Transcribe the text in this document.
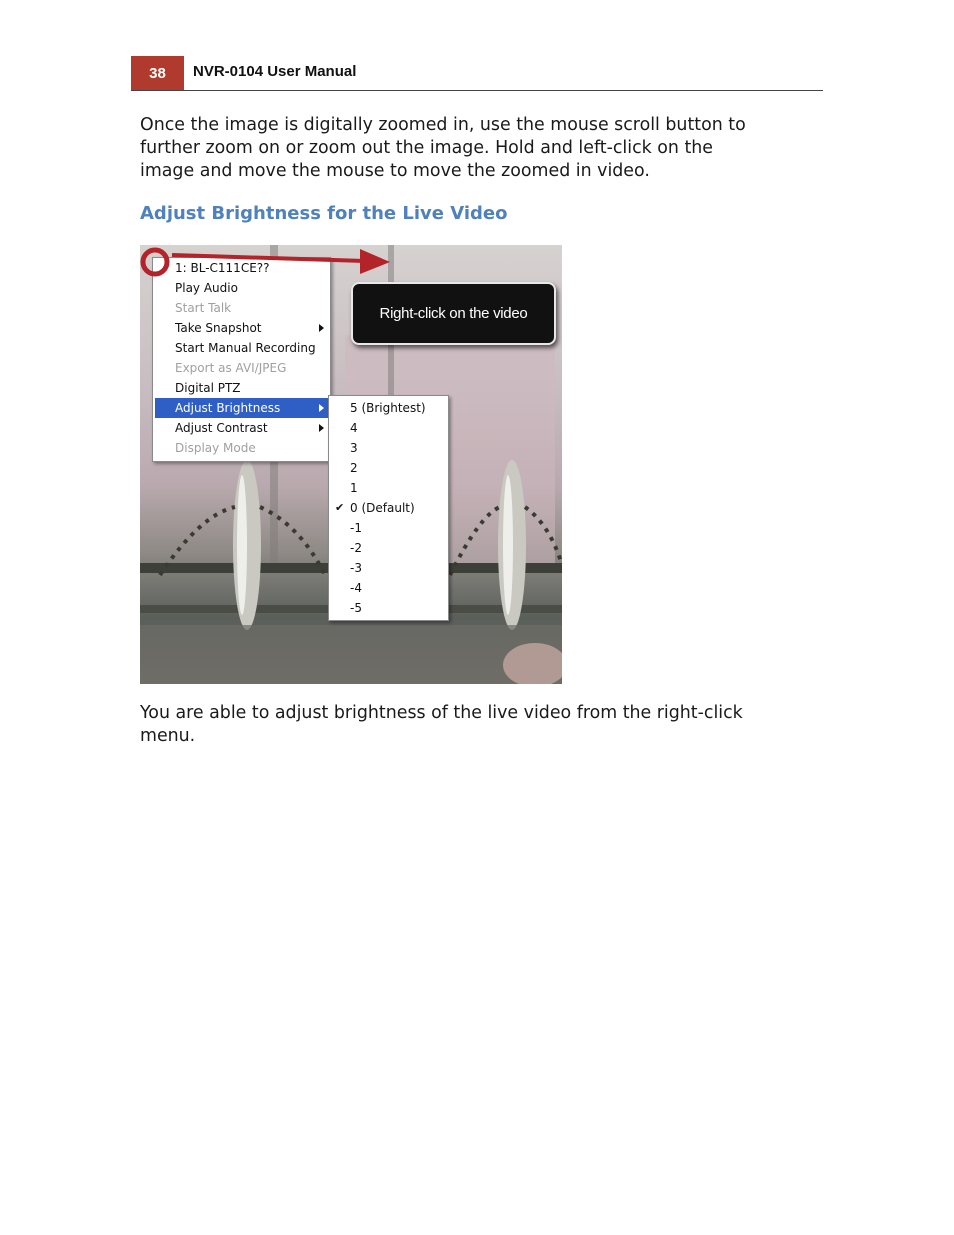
38	NVR-0104 User Manual
Once the image is digitally zoomed in, use the mouse scroll button to
further zoom on or zoom out the image. Hold and left-click on the
image and move the mouse to move the zoomed in video.
Adjust Brightness for the Live Video
1: BL-C111CE??
Play Audio
Start Talk
Take Snapshot
Start Manual Recording
Export as AVI/JPEG
Digital PTZ
Adjust Brightness
Adjust Contrast
Display Mode
5 (Brightest)
4
3
2
1
✔ 0 (Default)
-1
-2
-3
-4
-5
Right-click on the video
You are able to adjust brightness of the live video from the right-click
menu.
